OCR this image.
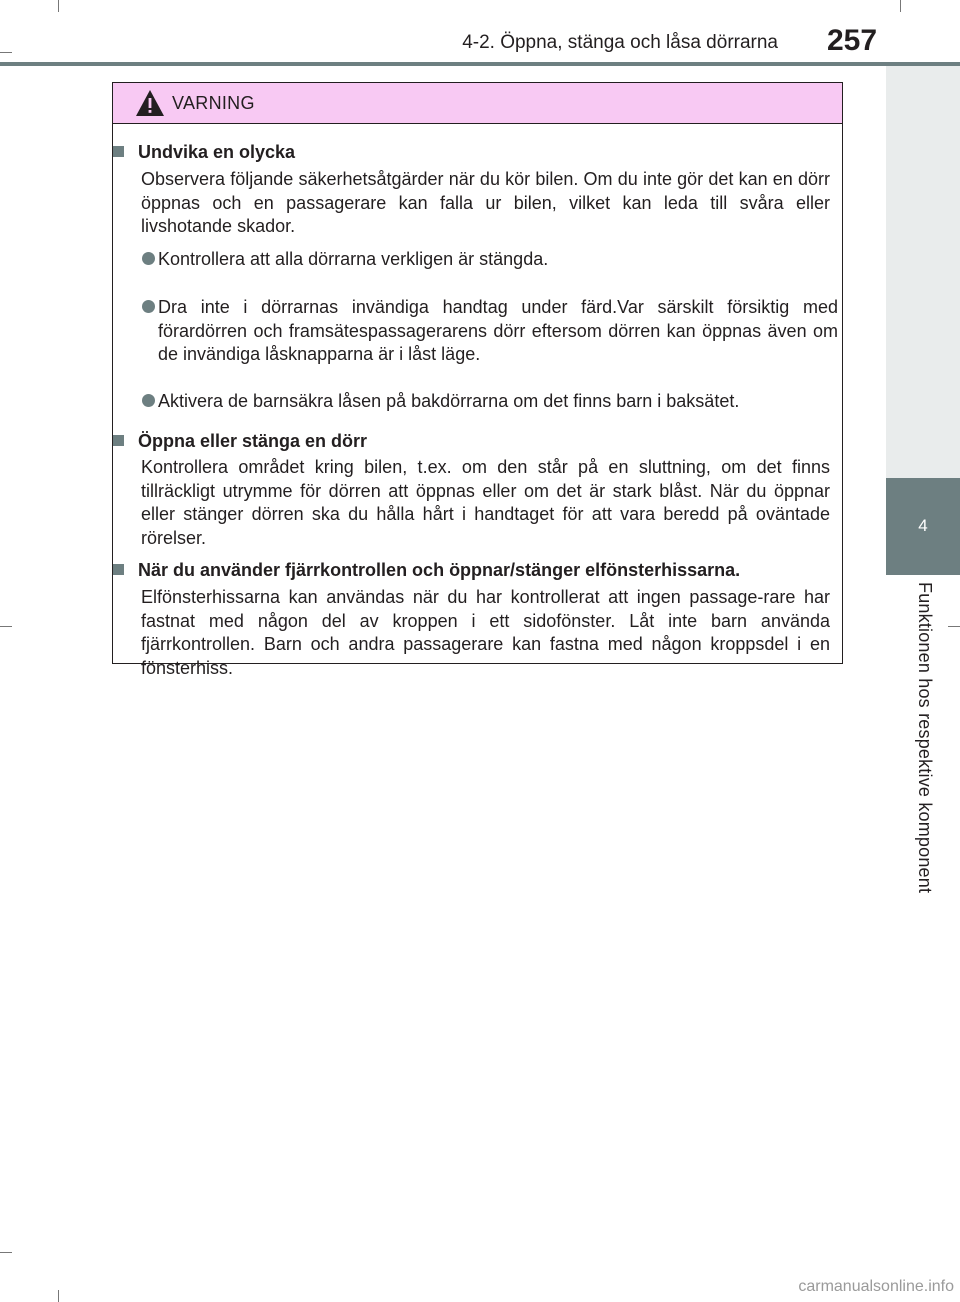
4-2. Öppna, stänga och låsa dörrarna 257
4
Funktionen hos respektive komponent
VARNING
Undvika en olycka
Observera följande säkerhetsåtgärder när du kör bilen. Om du inte gör det kan en dörr öppnas och en passagerare kan falla ur bilen, vilket kan leda till svåra eller livshotande skador.
Kontrollera att alla dörrarna verkligen är stängda.
Dra inte i dörrarnas invändiga handtag under färd.Var särskilt försiktig med förardörren och framsätespassagerarens dörr eftersom dörren kan öppnas även om de invändiga låsknapparna är i låst läge.
Aktivera de barnsäkra låsen på bakdörrarna om det finns barn i baksätet.
Öppna eller stänga en dörr
Kontrollera området kring bilen, t.ex. om den står på en sluttning, om det finns tillräckligt utrymme för dörren att öppnas eller om det är stark blåst. När du öppnar eller stänger dörren ska du hålla hårt i handtaget för att vara beredd på oväntade rörelser.
När du använder fjärrkontrollen och öppnar/stänger elfönsterhissarna.
Elfönsterhissarna kan användas när du har kontrollerat att ingen passage-rare har fastnat med någon del av kroppen i ett sidofönster. Låt inte barn använda fjärrkontrollen. Barn och andra passagerare kan fastna med någon kroppsdel i en fönsterhiss.
carmanualsonline.info
